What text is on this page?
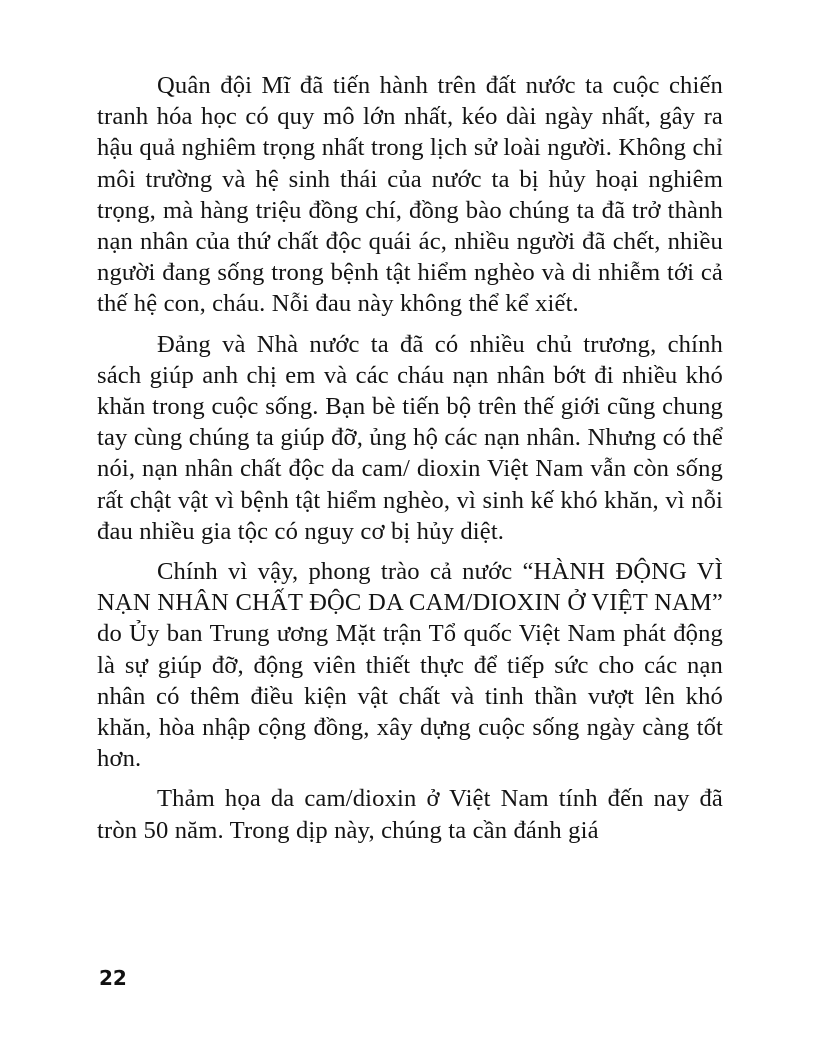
Quân đội Mĩ đã tiến hành trên đất nước ta cuộc chiến tranh hóa học có quy mô lớn nhất, kéo dài ngày nhất, gây ra hậu quả nghiêm trọng nhất trong lịch sử loài người. Không chỉ môi trường và hệ sinh thái của nước ta bị hủy hoại nghiêm trọng, mà hàng triệu đồng chí, đồng bào chúng ta đã trở thành nạn nhân của thứ chất độc quái ác, nhiều người đã chết, nhiều người đang sống trong bệnh tật hiểm nghèo và di nhiễm tới cả thế hệ con, cháu. Nỗi đau này không thể kể xiết.

Đảng và Nhà nước ta đã có nhiều chủ trương, chính sách giúp anh chị em và các cháu nạn nhân bớt đi nhiều khó khăn trong cuộc sống. Bạn bè tiến bộ trên thế giới cũng chung tay cùng chúng ta giúp đỡ, ủng hộ các nạn nhân. Nhưng có thể nói, nạn nhân chất độc da cam/ dioxin Việt Nam vẫn còn sống rất chật vật vì bệnh tật hiểm nghèo, vì sinh kế khó khăn, vì nỗi đau nhiều gia tộc có nguy cơ bị hủy diệt.

Chính vì vậy, phong trào cả nước “HÀNH ĐỘNG VÌ NẠN NHÂN CHẤT ĐỘC DA CAM/DIOXIN Ở VIỆT NAM” do Ủy ban Trung ương Mặt trận Tổ quốc Việt Nam phát động là sự giúp đỡ, động viên thiết thực để tiếp sức cho các nạn nhân có thêm điều kiện vật chất và tinh thần vượt lên khó khăn, hòa nhập cộng đồng, xây dựng cuộc sống ngày càng tốt hơn.

Thảm họa da cam/dioxin ở Việt Nam tính đến nay đã tròn 50 năm. Trong dịp này, chúng ta cần đánh giá

22
